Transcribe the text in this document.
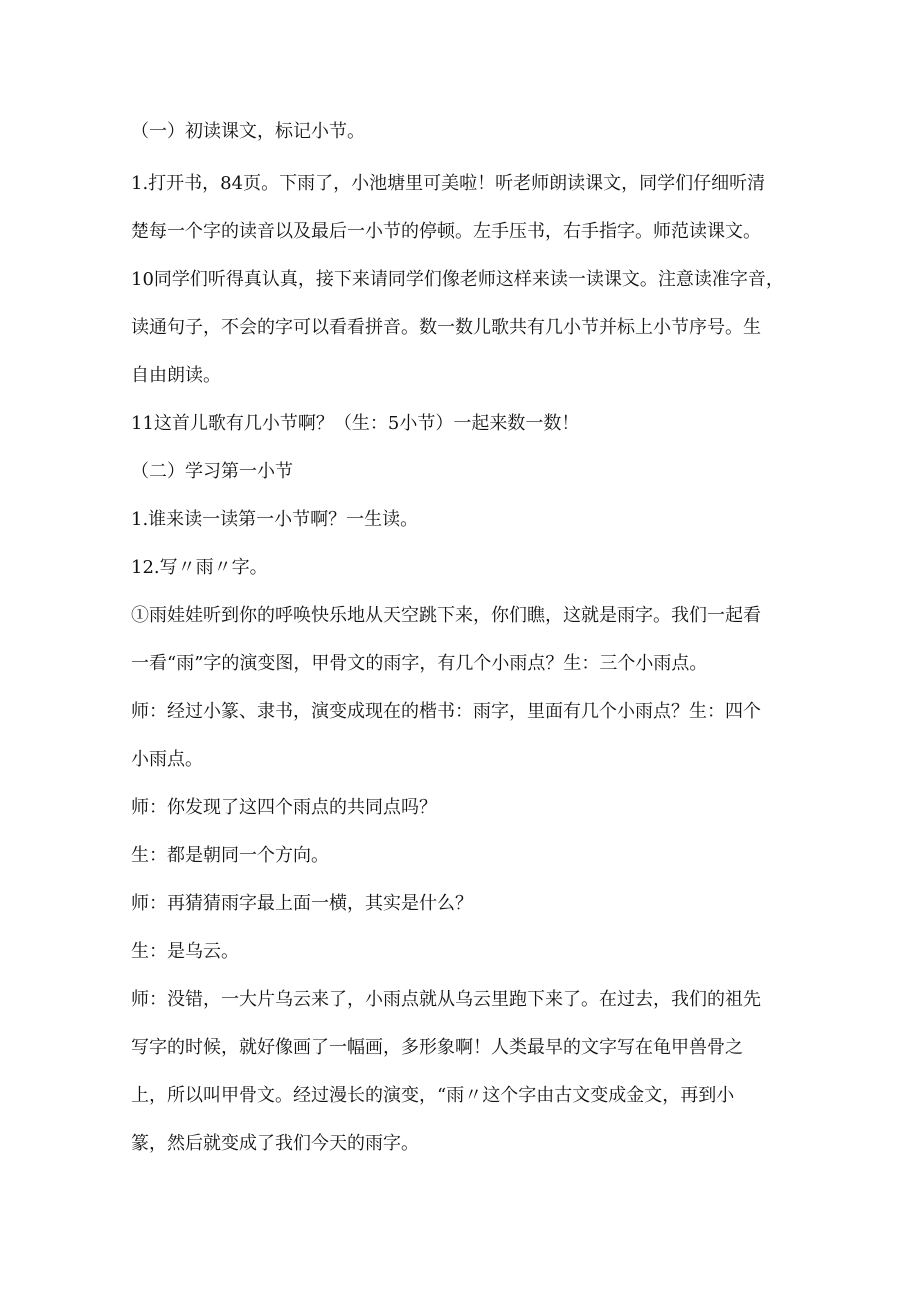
（一）初读课文，标记小节。
1.打开书，84页。下雨了，小池塘里可美啦！听老师朗读课文，同学们仔细听清
楚每一个字的读音以及最后一小节的停顿。左手压书，右手指字。师范读课文。
10同学们听得真认真，接下来请同学们像老师这样来读一读课文。注意读准字音，
读通句子，不会的字可以看看拼音。数一数儿歌共有几小节并标上小节序号。生
自由朗读。
11这首儿歌有几小节啊？（生：5小节）一起来数一数！
（二）学习第一小节
1.谁来读一读第一小节啊？一生读。
12.写〃雨〃字。
①雨娃娃听到你的呼唤快乐地从天空跳下来，你们瞧，这就是雨字。我们一起看
一看“雨”字的演变图，甲骨文的雨字，有几个小雨点？生：三个小雨点。
师：经过小篆、隶书，演变成现在的楷书：雨字，里面有几个小雨点？生：四个
小雨点。
师：你发现了这四个雨点的共同点吗？
生：都是朝同一个方向。
师：再猜猜雨字最上面一横，其实是什么？
生：是乌云。
师：没错，一大片乌云来了，小雨点就从乌云里跑下来了。在过去，我们的祖先
写字的时候，就好像画了一幅画，多形象啊！人类最早的文字写在龟甲兽骨之
上，所以叫甲骨文。经过漫长的演变，“雨〃这个字由古文变成金文，再到小
篆，然后就变成了我们今天的雨字。
